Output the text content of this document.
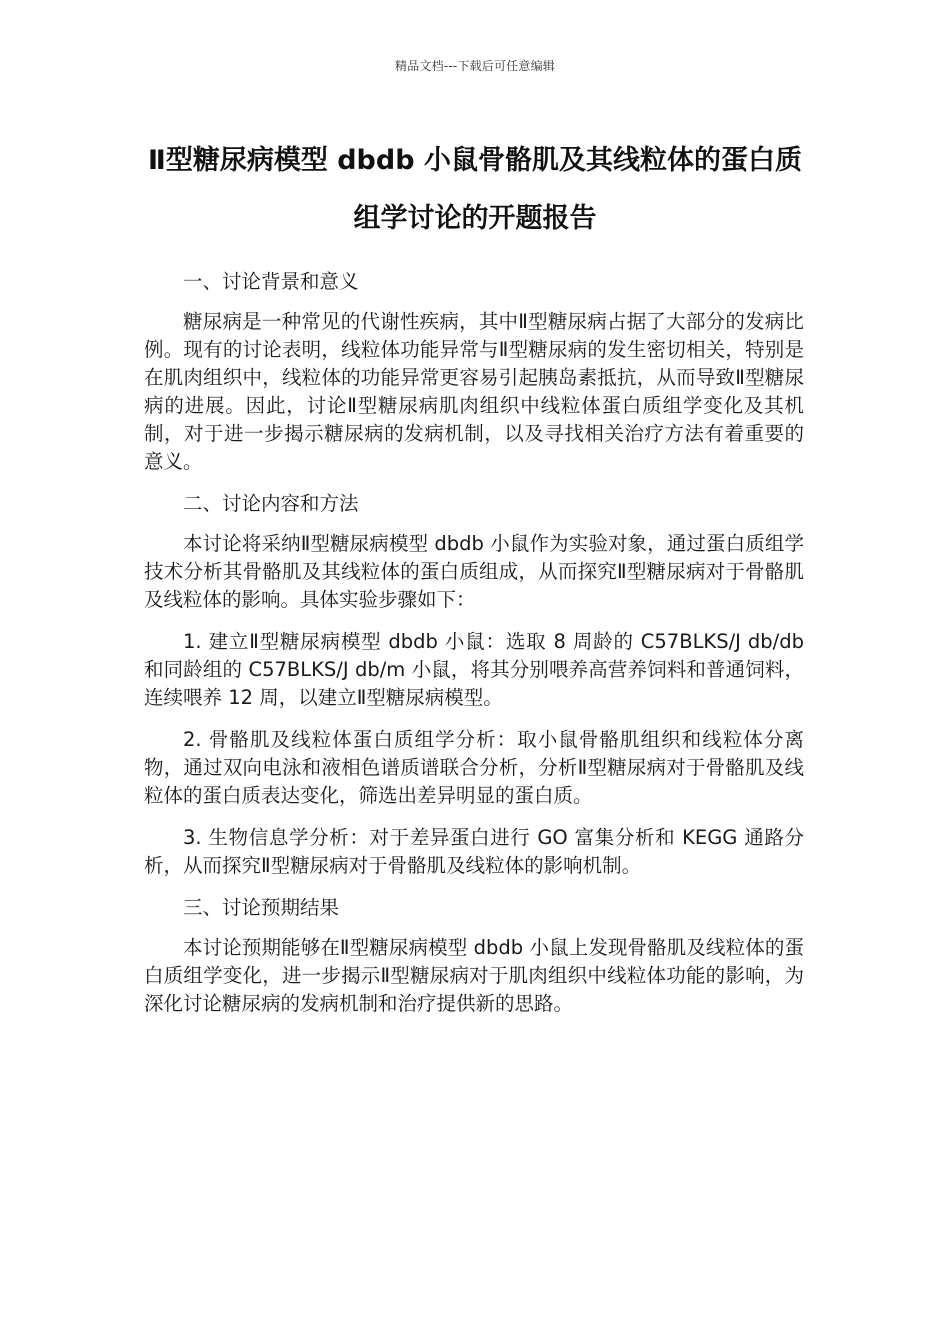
精品文档---下载后可任意编辑
Ⅱ型糖尿病模型 dbdb 小鼠骨骼肌及其线粒体的蛋白质组学讨论的开题报告

一、讨论背景和意义

糖尿病是一种常见的代谢性疾病，其中Ⅱ型糖尿病占据了大部分的发病比例。现有的讨论表明，线粒体功能异常与Ⅱ型糖尿病的发生密切相关，特别是在肌肉组织中，线粒体的功能异常更容易引起胰岛素抵抗，从而导致Ⅱ型糖尿病的进展。因此，讨论Ⅱ型糖尿病肌肉组织中线粒体蛋白质组学变化及其机制，对于进一步揭示糖尿病的发病机制，以及寻找相关治疗方法有着重要的意义。

二、讨论内容和方法

本讨论将采纳Ⅱ型糖尿病模型 dbdb 小鼠作为实验对象，通过蛋白质组学技术分析其骨骼肌及其线粒体的蛋白质组成，从而探究Ⅱ型糖尿病对于骨骼肌及线粒体的影响。具体实验步骤如下：

1. 建立Ⅱ型糖尿病模型 dbdb 小鼠：选取 8 周龄的 C57BLKS/J db/db 和同龄组的 C57BLKS/J db/m 小鼠，将其分别喂养高营养饲料和普通饲料，连续喂养 12 周，以建立Ⅱ型糖尿病模型。

2. 骨骼肌及线粒体蛋白质组学分析：取小鼠骨骼肌组织和线粒体分离物，通过双向电泳和液相色谱质谱联合分析，分析Ⅱ型糖尿病对于骨骼肌及线粒体的蛋白质表达变化，筛选出差异明显的蛋白质。

3. 生物信息学分析：对于差异蛋白进行 GO 富集分析和 KEGG 通路分析，从而探究Ⅱ型糖尿病对于骨骼肌及线粒体的影响机制。

三、讨论预期结果

本讨论预期能够在Ⅱ型糖尿病模型 dbdb 小鼠上发现骨骼肌及线粒体的蛋白质组学变化，进一步揭示Ⅱ型糖尿病对于肌肉组织中线粒体功能的影响，为深化讨论糖尿病的发病机制和治疗提供新的思路。
